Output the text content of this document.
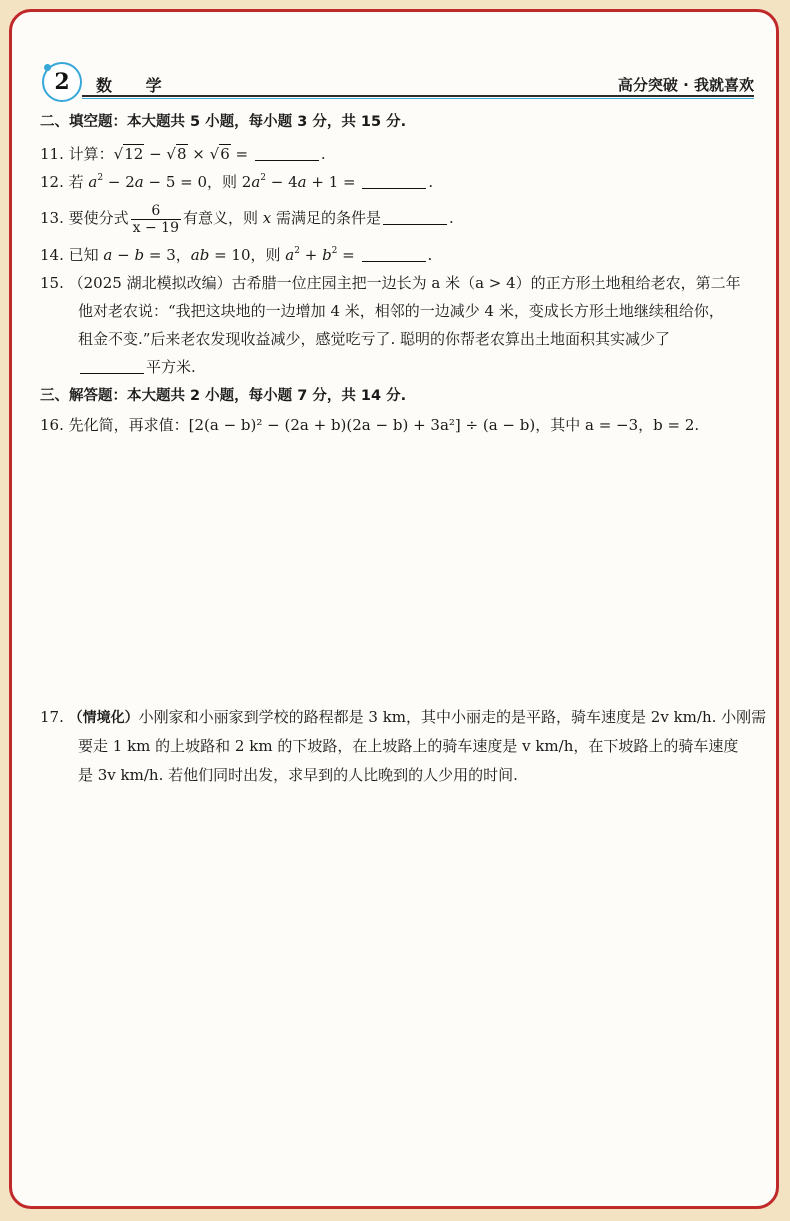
2 数 学	高分突破 · 我就喜欢
二、填空题：本大题共 5 小题，每小题 3 分，共 15 分.
11. 计算：√12 − √8 × √6 =	.
12. 若 $a^2 - 2a - 5 = 0$，则 $2a^2 - 4a + 1$ =	.
13. 要使分式 $\frac{6}{x - 19}$ 有意义，则 x 需满足的条件是	.
14. 已知 a − b = 3，ab = 10，则 $a^2 + b^2$ =	.
15. （2025 湖北模拟改编）古希腊一位庄园主把一边长为 a 米（a > 4）的正方形土地租给老农，第二年
他对老农说：“我把这块地的一边增加 4 米，相邻的一边减少 4 米，变成长方形土地继续租给你，
租金不变.”后来老农发现收益减少，感觉吃亏了. 聪明的你帮老农算出土地面积其实减少了
平方米.
三、解答题：本大题共 2 小题，每小题 7 分，共 14 分.
16. 先化简，再求值：[2(a − b)² − (2a + b)(2a − b) + 3a²] ÷ (a − b)，其中 a = −3，b = 2.
17. （情境化）小刚家和小丽家到学校的路程都是 3 km，其中小丽走的是平路，骑车速度是 2v km/h. 小刚需
要走 1 km 的上坡路和 2 km 的下坡路，在上坡路上的骑车速度是 v km/h，在下坡路上的骑车速度
是 3v km/h. 若他们同时出发，求早到的人比晚到的人少用的时间.
